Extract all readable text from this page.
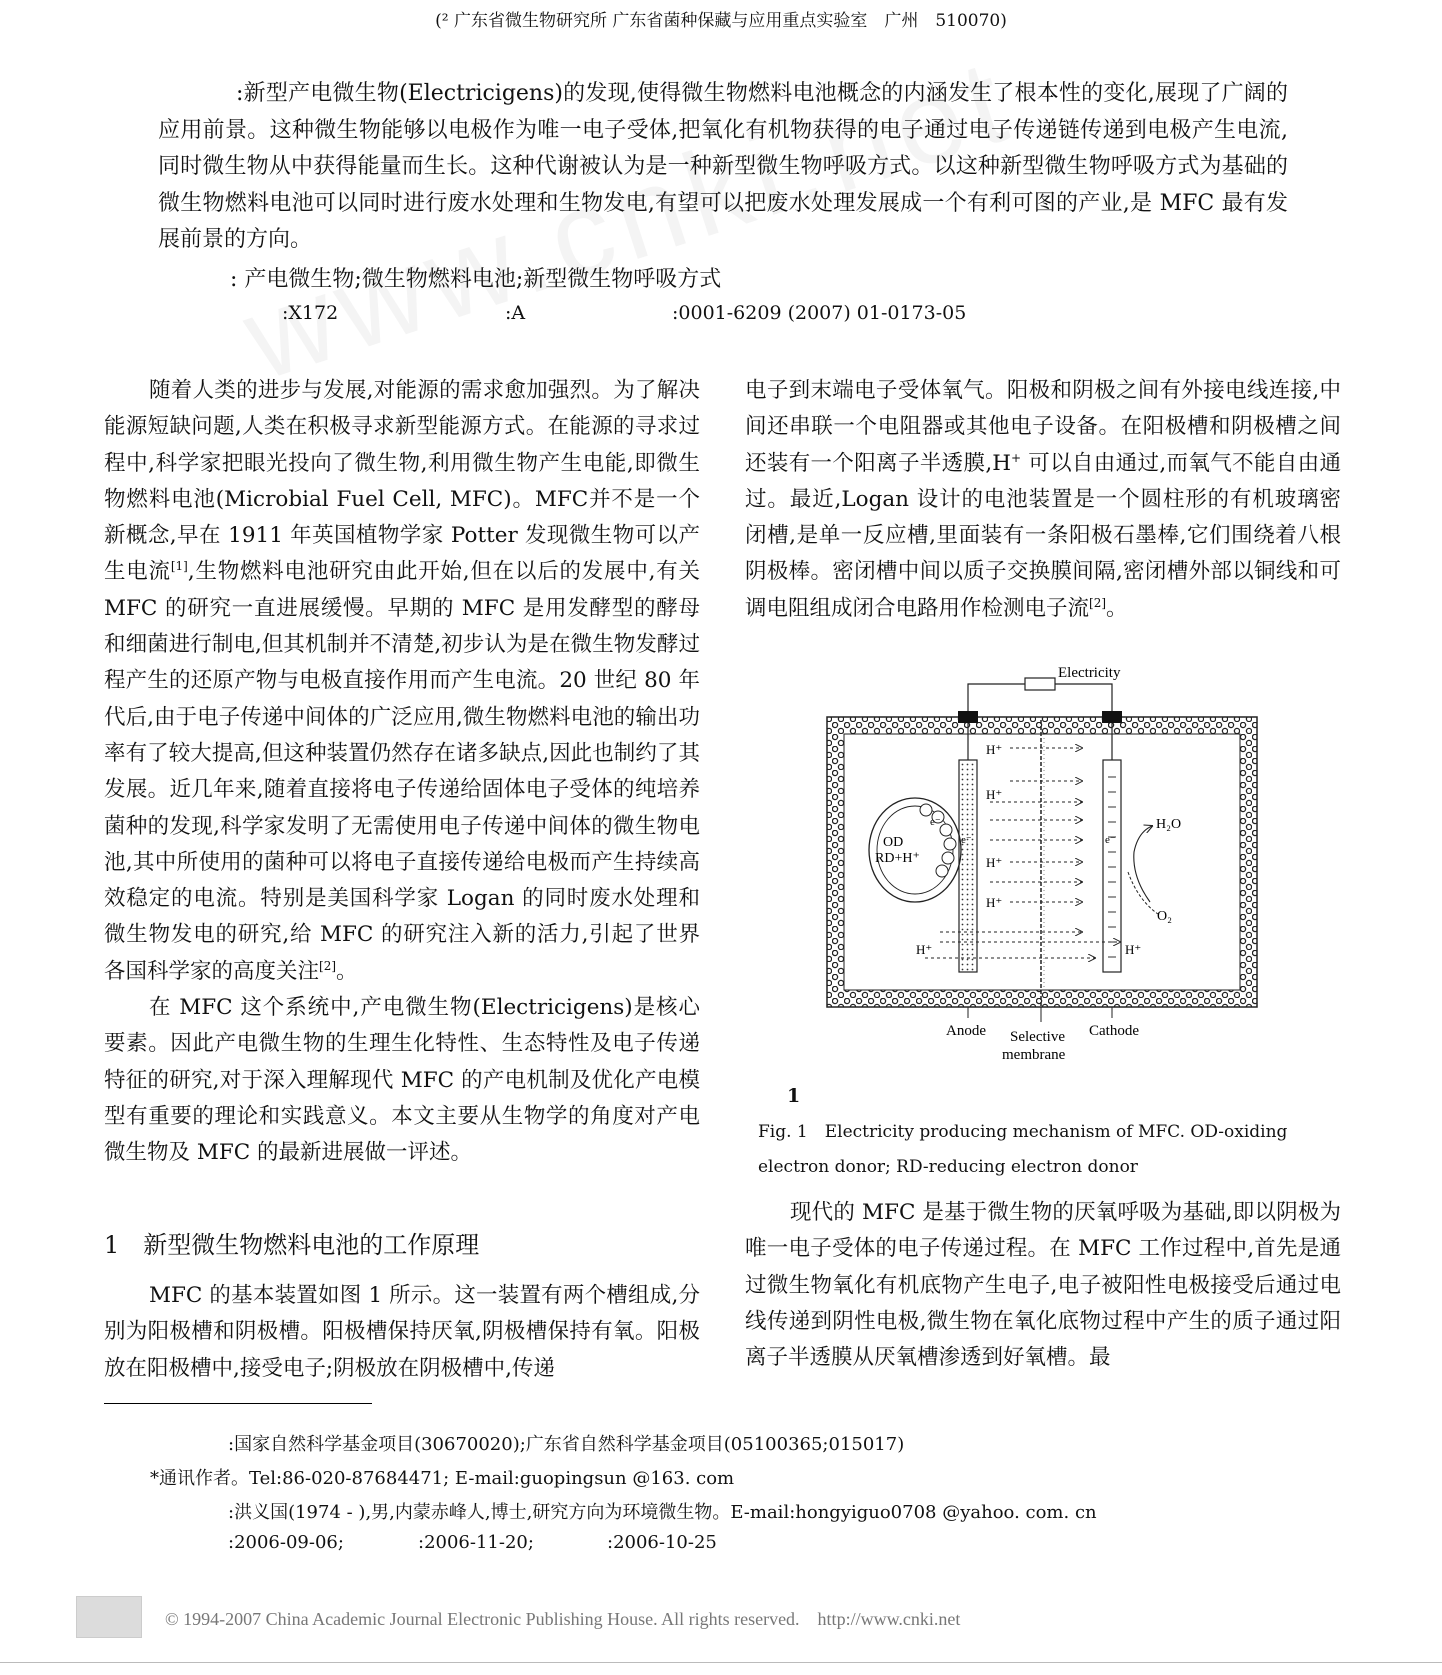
(² 广东省微生物研究所 广东省菌种保藏与应用重点实验室　广州　510070)
:新型产电微生物(Electricigens)的发现,使得微生物燃料电池概念的内涵发生了根本性的变化,展现了广阔的应用前景。这种微生物能够以电极作为唯一电子受体,把氧化有机物获得的电子通过电子传递链传递到电极产生电流,同时微生物从中获得能量而生长。这种代谢被认为是一种新型微生物呼吸方式。以这种新型微生物呼吸方式为基础的微生物燃料电池可以同时进行废水处理和生物发电,有望可以把废水处理发展成一个有利可图的产业,是 MFC 最有发展前景的方向。
: 产电微生物;微生物燃料电池;新型微生物呼吸方式
:X172	:A	:0001-6209 (2007) 01-0173-05

随着人类的进步与发展,对能源的需求愈加强烈。为了解决能源短缺问题,人类在积极寻求新型能源方式。在能源的寻求过程中,科学家把眼光投向了微生物,利用微生物产生电能,即微生物燃料电池(Microbial Fuel Cell, MFC)。MFC并不是一个新概念,早在 1911 年英国植物学家 Potter 发现微生物可以产生电流[1],生物燃料电池研究由此开始,但在以后的发展中,有关 MFC 的研究一直进展缓慢。早期的 MFC 是用发酵型的酵母和细菌进行制电,但其机制并不清楚,初步认为是在微生物发酵过程产生的还原产物与电极直接作用而产生电流。20 世纪 80 年代后,由于电子传递中间体的广泛应用,微生物燃料电池的输出功率有了较大提高,但这种装置仍然存在诸多缺点,因此也制约了其发展。近几年来,随着直接将电子传递给固体电子受体的纯培养菌种的发现,科学家发明了无需使用电子传递中间体的微生物电池,其中所使用的菌种可以将电子直接传递给电极而产生持续高效稳定的电流。特别是美国科学家 Logan 的同时废水处理和微生物发电的研究,给 MFC 的研究注入新的活力,引起了世界各国科学家的高度关注[2]。

在 MFC 这个系统中,产电微生物(Electricigens)是核心要素。因此产电微生物的生理生化特性、生态特性及电子传递特征的研究,对于深入理解现代 MFC 的产电机制及优化产电模型有重要的理论和实践意义。本文主要从生物学的角度对产电微生物及 MFC 的最新进展做一评述。

1　新型微生物燃料电池的工作原理

MFC 的基本装置如图 1 所示。这一装置有两个槽组成,分别为阳极槽和阴极槽。阳极槽保持厌氧,阴极槽保持有氧。阳极放在阳极槽中,接受电子;阴极放在阴极槽中,传递

电子到末端电子受体氧气。阳极和阴极之间有外接电线连接,中间还串联一个电阻器或其他电子设备。在阳极槽和阴极槽之间还装有一个阳离子半透膜,H+ 可以自由通过,而氧气不能自由通过。最近,Logan 设计的电池装置是一个圆柱形的有机玻璃密闭槽,是单一反应槽,里面装有一条阳极石墨棒,它们围绕着八根阴极棒。密闭槽中间以质子交换膜间隔,密闭槽外部以铜线和可调电阻组成闭合电路用作检测电子流[2]。

Electricity
H⁺
H⁺
H⁺
H⁺
H⁺	H⁺
OD
RD+H⁺
e⁻
e⁻	e⁻
H₂O
O₂
Anode Selective
membrane
Cathode
1
Fig. 1　Electricity producing mechanism of MFC. OD-oxiding electron donor; RD-reducing electron donor

现代的 MFC 是基于微生物的厌氧呼吸为基础,即以阴极为唯一电子受体的电子传递过程。在 MFC 工作过程中,首先是通过微生物氧化有机底物产生电子,电子被阳性电极接受后通过电线传递到阴性电极,微生物在氧化底物过程中产生的质子通过阳离子半透膜从厌氧槽渗透到好氧槽。最

:国家自然科学基金项目(30670020);广东省自然科学基金项目(05100365;015017)
*通讯作者。Tel:86-020-87684471; E-mail:guopingsun @163. com
:洪义国(1974 - ),男,内蒙赤峰人,博士,研究方向为环境微生物。E-mail:hongyiguo0708 @yahoo. com. cn
:2006-09-06;	:2006-11-20;	:2006-10-25
© 1994-2007 China Academic Journal Electronic Publishing House. All rights reserved.　http://www.cnki.net
